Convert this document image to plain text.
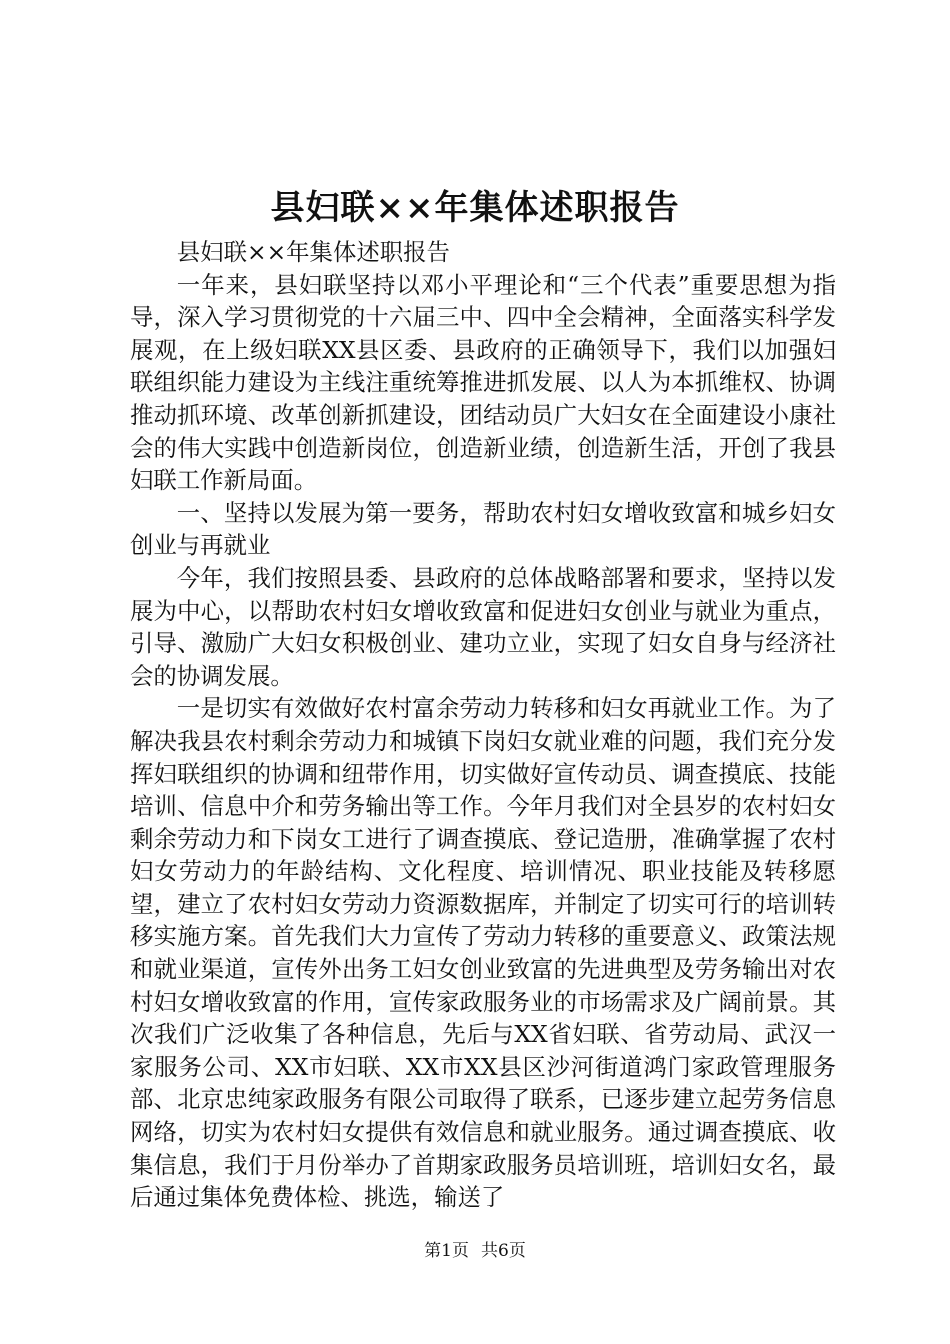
县妇联××年集体述职报告

县妇联××年集体述职报告

一年来，县妇联坚持以邓小平理论和“三个代表”重要思想为指导，深入学习贯彻党的十六届三中、四中全会精神，全面落实科学发展观，在上级妇联XX县区委、县政府的正确领导下，我们以加强妇联组织能力建设为主线注重统筹推进抓发展、以人为本抓维权、协调推动抓环境、改革创新抓建设，团结动员广大妇女在全面建设小康社会的伟大实践中创造新岗位，创造新业绩，创造新生活，开创了我县妇联工作新局面。

一、坚持以发展为第一要务，帮助农村妇女增收致富和城乡妇女创业与再就业

今年，我们按照县委、县政府的总体战略部署和要求，坚持以发展为中心，以帮助农村妇女增收致富和促进妇女创业与就业为重点，引导、激励广大妇女积极创业、建功立业，实现了妇女自身与经济社会的协调发展。

一是切实有效做好农村富余劳动力转移和妇女再就业工作。为了解决我县农村剩余劳动力和城镇下岗妇女就业难的问题，我们充分发挥妇联组织的协调和纽带作用，切实做好宣传动员、调查摸底、技能培训、信息中介和劳务输出等工作。今年月我们对全县岁的农村妇女剩余劳动力和下岗女工进行了调查摸底、登记造册，准确掌握了农村妇女劳动力的年龄结构、文化程度、培训情况、职业技能及转移愿望，建立了农村妇女劳动力资源数据库，并制定了切实可行的培训转移实施方案。首先我们大力宣传了劳动力转移的重要意义、政策法规和就业渠道，宣传外出务工妇女创业致富的先进典型及劳务输出对农村妇女增收致富的作用，宣传家政服务业的市场需求及广阔前景。其次我们广泛收集了各种信息，先后与XX省妇联、省劳动局、武汉一家服务公司、XX市妇联、XX市XX县区沙河街道鸿门家政管理服务部、北京忠纯家政服务有限公司取得了联系，已逐步建立起劳务信息网络，切实为农村妇女提供有效信息和就业服务。通过调查摸底、收集信息，我们于月份举办了首期家政服务员培训班，培训妇女名，最后通过集体免费体检、挑选，输送了

第1页 共6页
